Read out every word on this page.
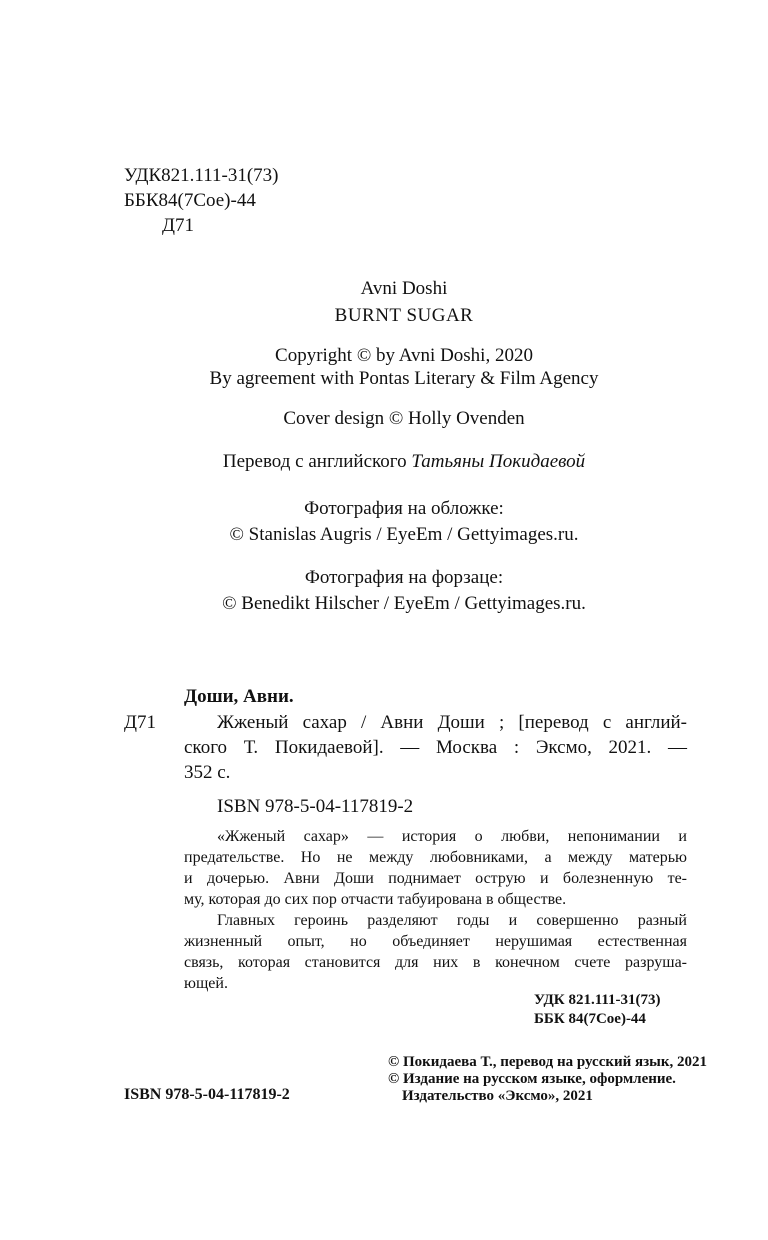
УДК821.111-31(73)
ББК84(7Сое)-44
Д71
Avni Doshi
BURNT SUGAR
Copyright © by Avni Doshi, 2020
By agreement with Pontas Literary & Film Agency
Cover design © Holly Ovenden
Перевод с английского Татьяны Покидаевой
Фотография на обложке:
© Stanislas Augris / EyeEm / Gettyimages.ru.
Фотография на форзаце:
© Benedikt Hilscher / EyeEm / Gettyimages.ru.
Доши, Авни.
Д71	Жженый сахар / Авни Доши ; [перевод с англий-
ского Т. Покидаевой]. — Москва : Эксмо, 2021. —
352 с.
ISBN 978-5-04-117819-2
«Жженый сахар» — история о любви, непонимании и
предательстве. Но не между любовниками, а между матерью
и дочерью. Авни Доши поднимает острую и болезненную те-
му, которая до сих пор отчасти табуирована в обществе.
Главных героинь разделяют годы и совершенно разный
жизненный опыт, но объединяет нерушимая естественная
связь, которая становится для них в конечном счете разруша-
ющей.
УДК 821.111-31(73)
ББК 84(7Сое)-44
© Покидаева Т., перевод на русский язык, 2021
© Издание на русском языке, оформление.
Издательство «Эксмо», 2021
ISBN 978-5-04-117819-2
